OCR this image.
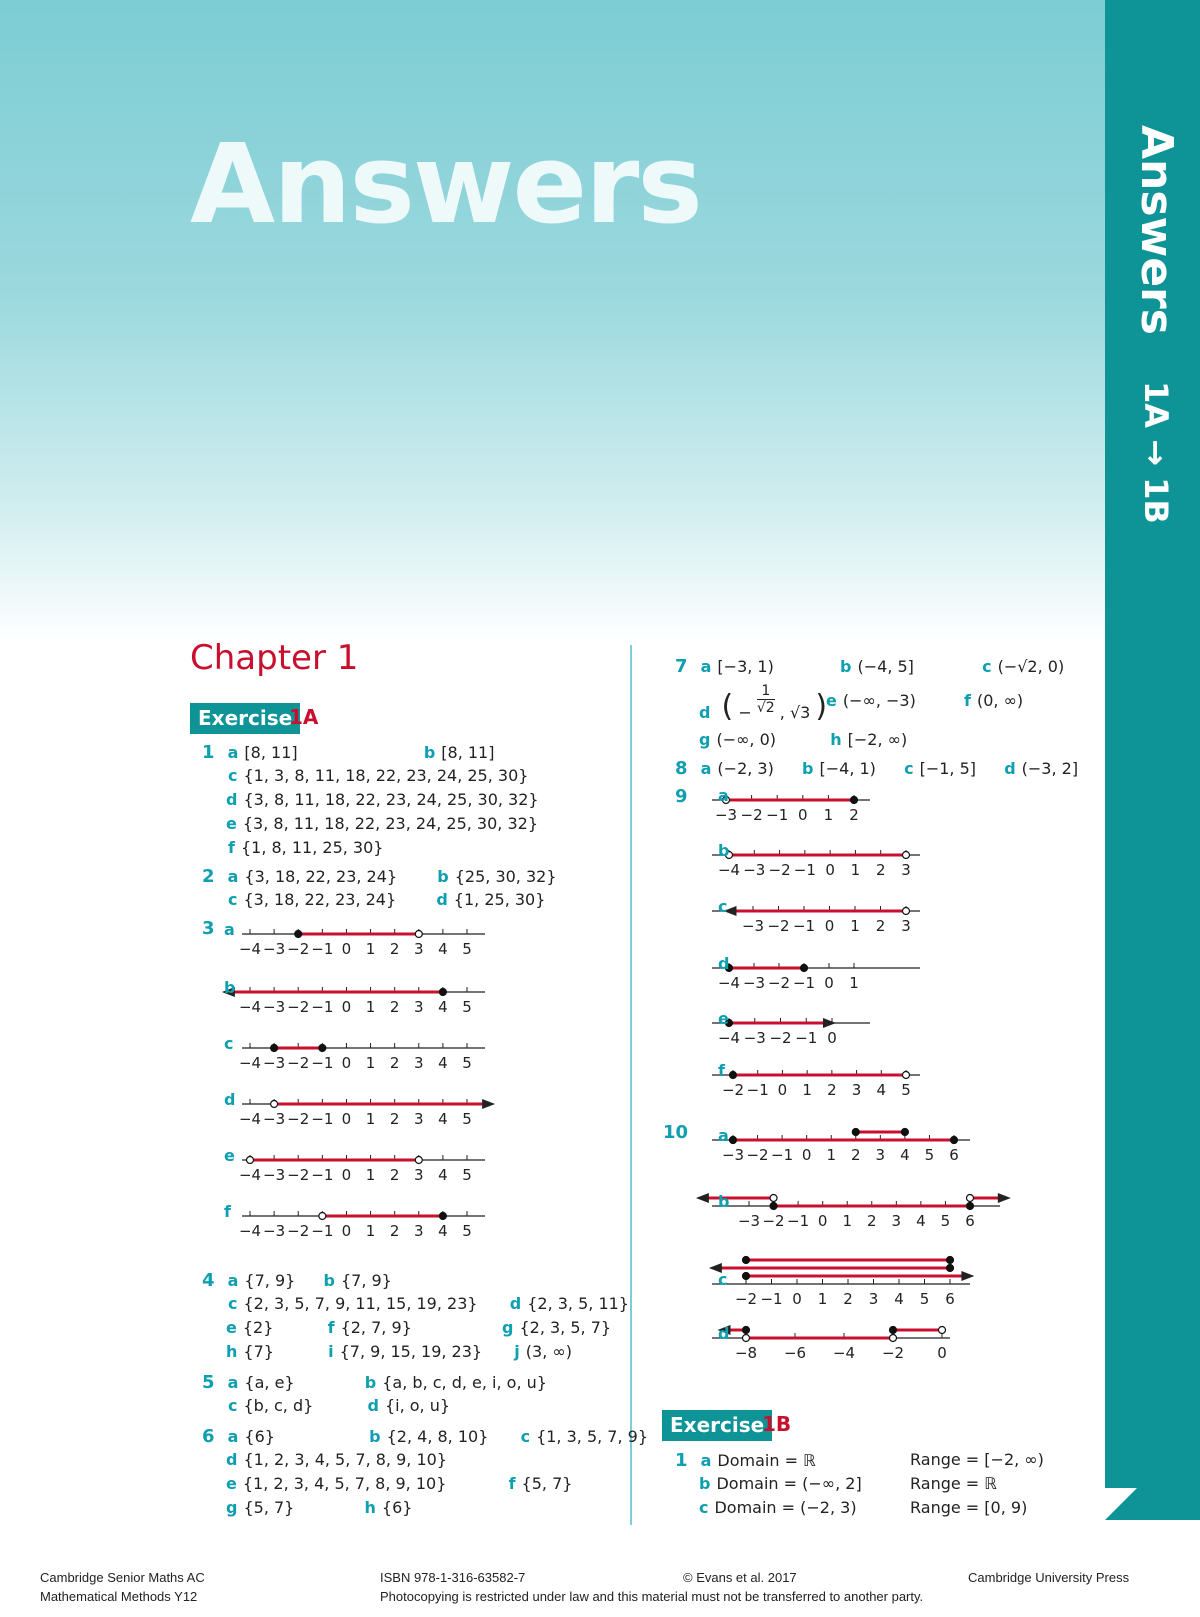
Answers	Answers 1A → 1B
Chapter 1
Exercise
1A
1 a [8, 11]	b [8, 11]
c {1, 3, 8, 11, 18, 22, 23, 24, 25, 30}
d {3, 8, 11, 18, 22, 23, 24, 25, 30, 32}
e {3, 8, 11, 18, 22, 23, 24, 25, 30, 32}
f {1, 8, 11, 25, 30}
2 a {3, 18, 22, 23, 24}	b {25, 30, 32}
c {3, 18, 22, 23, 24}	d {1, 25, 30}
3 a
−4 −3 −2 −1 0 1 2 3 4 5
b
−4 −3 −2 −1 0 1 2 3 4 5
c
−4 −3 −2 −1 0 1 2 3 4 5
d
−4 −3 −2 −1 0 1 2 3 4 5
e
−4 −3 −2 −1 0 1 2 3 4 5
f
−4 −3 −2 −1 0 1 2 3 4 5
4 a {7, 9} b {7, 9}
c {2, 3, 5, 7, 9, 11, 15, 19, 23} d {2, 3, 5, 11}
e {2}	f {2, 7, 9}	g {2, 3, 5, 7}
h {7}	i {7, 9, 15, 19, 23} j (3, ∞)
5 a {a, e}	b {a, b, c, d, e, i, o, u}
c {b, c, d}	d {i, o, u}
6 a {6}	b {2, 4, 8, 10} c {1, 3, 5, 7, 9}
d {1, 2, 3, 4, 5, 7, 8, 9, 10}
e {1, 2, 3, 4, 5, 7, 8, 9, 10}	f {5, 7}
g {5, 7}	h {6}
7 a [−3, 1)	b (−4, 5]	c (−√2, 0)
d ( − $\frac{1}{√2}$ , √3 )
e (−∞, −3)	f (0, ∞)
g (−∞, 0)	h [−2, ∞)
8 a (−2, 3) b [−4, 1) c [−1, 5] d (−3, 2]
9 a
−3 −2 −1 0 1 2
b
−4 −3 −2 −1 0 1 2 3
c
−3 −2 −1 0 1 2 3
d
−4 −3 −2 −1 0 1
e
−4 −3 −2 −1 0
f
−2 −1 0 1 2 3 4 5
10 a
−3 −2 −1 0 1 2 3 4 5 6
b
−3 −2 −1 0 1 2 3 4 5 6
c
−2 −1 0 1 2 3 4 5 6
d
−8 −6 −4 −2 0
Exercise
1B
1 a Domain = ℝ	Range = [−2, ∞)
b Domain = (−∞, 2]	Range = ℝ
c Domain = (−2, 3)	Range = [0, 9)
Cambridge Senior Maths AC
Mathematical Methods Y12
ISBN 978-1-316-63582-7	© Evans et al. 2017	Cambridge University Press
Photocopying is restricted under law and this material must not be transferred to another party.
